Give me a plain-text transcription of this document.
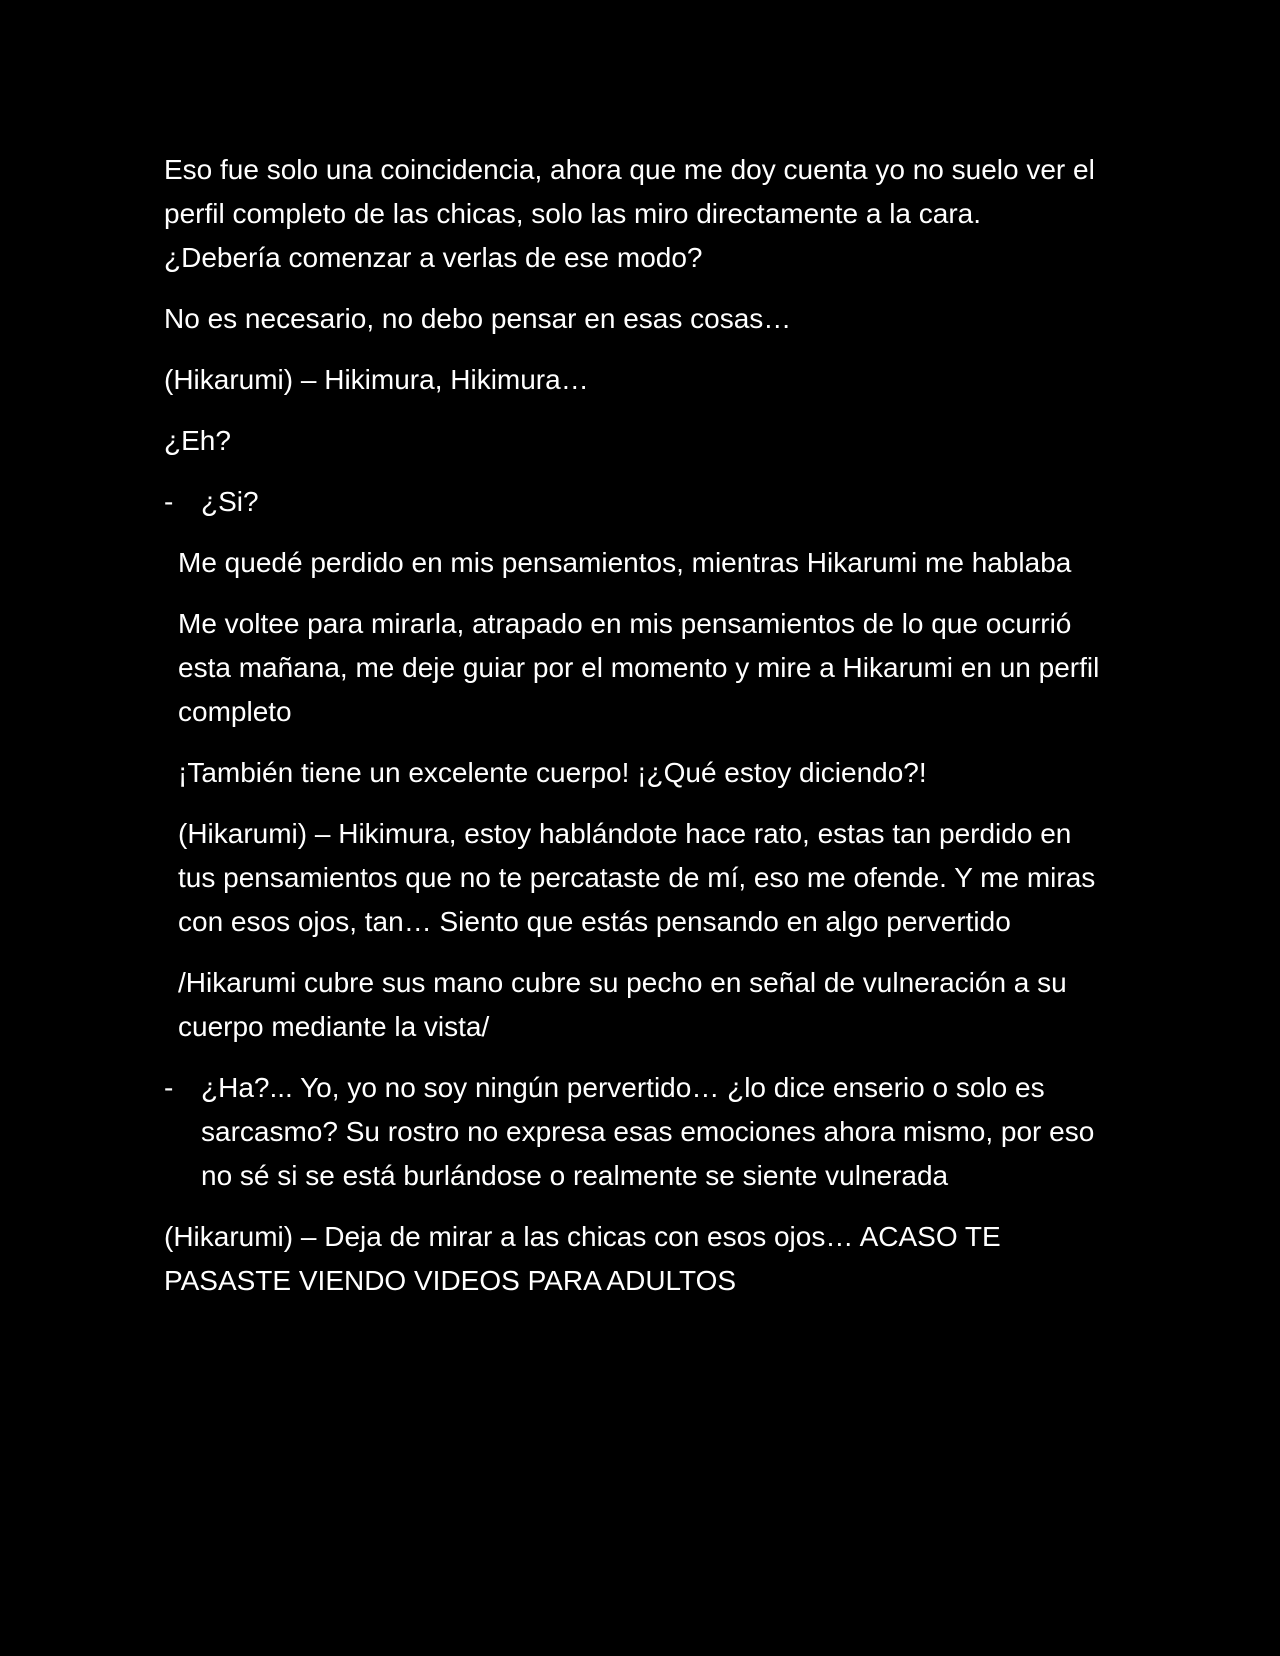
Eso fue solo una coincidencia, ahora que me doy cuenta yo no suelo ver el perfil completo de las chicas, solo las miro directamente a la cara. ¿Debería comenzar a verlas de ese modo?

No es necesario, no debo pensar en esas cosas…

(Hikarumi) – Hikimura, Hikimura…

¿Eh?

- ¿Si?

Me quedé perdido en mis pensamientos, mientras Hikarumi me hablaba

Me voltee para mirarla, atrapado en mis pensamientos de lo que ocurrió esta mañana, me deje guiar por el momento y mire a Hikarumi en un perfil completo

¡También tiene un excelente cuerpo! ¡¿Qué estoy diciendo?!

(Hikarumi) – Hikimura, estoy hablándote hace rato, estas tan perdido en tus pensamientos que no te percataste de mí, eso me ofende. Y me miras con esos ojos, tan… Siento que estás pensando en algo pervertido

/Hikarumi cubre sus mano cubre su pecho en señal de vulneración a su cuerpo mediante la vista/

- ¿Ha?... Yo, yo no soy ningún pervertido… ¿lo dice enserio o solo es sarcasmo? Su rostro no expresa esas emociones ahora mismo, por eso no sé si se está burlándose o realmente se siente vulnerada

(Hikarumi) – Deja de mirar a las chicas con esos ojos… ACASO TE PASASTE VIENDO VIDEOS PARA ADULTOS
